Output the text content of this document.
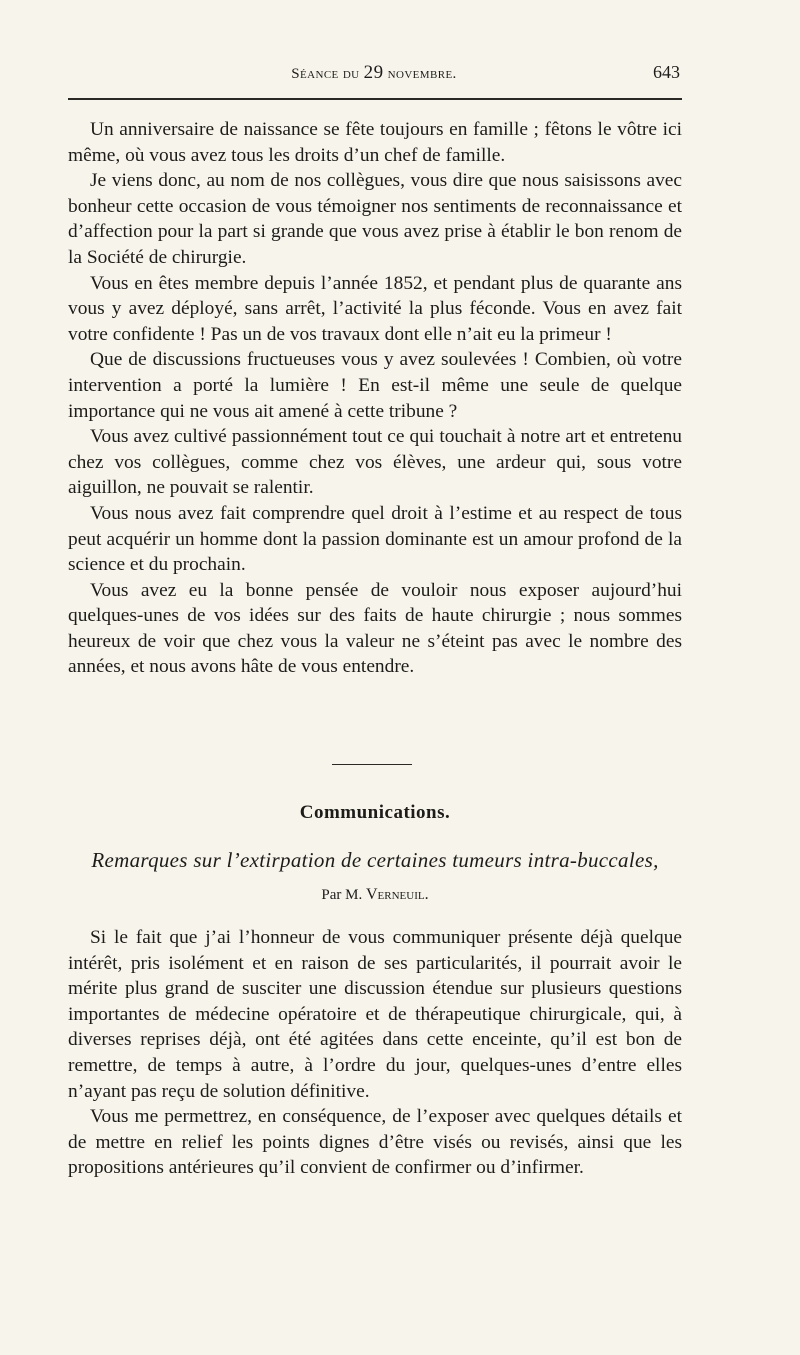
Séance du 29 novembre.	643

Un anniversaire de naissance se fête toujours en famille ; fêtons le vôtre ici même, où vous avez tous les droits d’un chef de famille.

Je viens donc, au nom de nos collègues, vous dire que nous saisissons avec bonheur cette occasion de vous témoigner nos sentiments de reconnaissance et d’affection pour la part si grande que vous avez prise à établir le bon renom de la Société de chirurgie.

Vous en êtes membre depuis l’année 1852, et pendant plus de quarante ans vous y avez déployé, sans arrêt, l’activité la plus féconde. Vous en avez fait votre confidente ! Pas un de vos travaux dont elle n’ait eu la primeur !

Que de discussions fructueuses vous y avez soulevées ! Combien, où votre intervention a porté la lumière ! En est-il même une seule de quelque importance qui ne vous ait amené à cette tribune ?

Vous avez cultivé passionnément tout ce qui touchait à notre art et entretenu chez vos collègues, comme chez vos élèves, une ardeur qui, sous votre aiguillon, ne pouvait se ralentir.

Vous nous avez fait comprendre quel droit à l’estime et au respect de tous peut acquérir un homme dont la passion dominante est un amour profond de la science et du prochain.

Vous avez eu la bonne pensée de vouloir nous exposer aujourd’hui quelques-unes de vos idées sur des faits de haute chirurgie ; nous sommes heureux de voir que chez vous la valeur ne s’éteint pas avec le nombre des années, et nous avons hâte de vous entendre.

Communications.
Remarques sur l’extirpation de certaines tumeurs intra-buccales,
Par M. Verneuil.

Si le fait que j’ai l’honneur de vous communiquer présente déjà quelque intérêt, pris isolément et en raison de ses particularités, il pourrait avoir le mérite plus grand de susciter une discussion étendue sur plusieurs questions importantes de médecine opératoire et de thérapeutique chirurgicale, qui, à diverses reprises déjà, ont été agitées dans cette enceinte, qu’il est bon de remettre, de temps à autre, à l’ordre du jour, quelques-unes d’entre elles n’ayant pas reçu de solution définitive.

Vous me permettrez, en conséquence, de l’exposer avec quelques détails et de mettre en relief les points dignes d’être visés ou revisés, ainsi que les propositions antérieures qu’il convient de confirmer ou d’infirmer.
